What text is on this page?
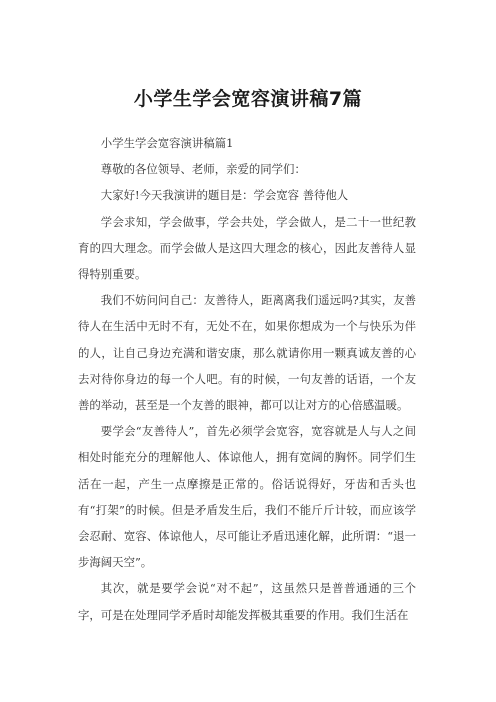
小学生学会宽容演讲稿7篇

小学生学会宽容演讲稿篇1

尊敬的各位领导、老师，亲爱的同学们：

大家好!今天我演讲的题目是：学会宽容 善待他人

学会求知，学会做事，学会共处，学会做人，是二十一世纪教育的四大理念。而学会做人是这四大理念的核心，因此友善待人显得特别重要。

我们不妨问问自己：友善待人，距离离我们遥远吗?其实，友善待人在生活中无时不有，无处不在，如果你想成为一个与快乐为伴的人，让自己身边充满和谐安康，那么就请你用一颗真诚友善的心去对待你身边的每一个人吧。有的时候，一句友善的话语，一个友善的举动，甚至是一个友善的眼神，都可以让对方的心倍感温暖。

要学会“友善待人”，首先必须学会宽容，宽容就是人与人之间相处时能充分的理解他人、体谅他人，拥有宽阔的胸怀。同学们生活在一起，产生一点摩擦是正常的。俗话说得好，牙齿和舌头也有“打架”的时候。但是矛盾发生后，我们不能斤斤计较，而应该学会忍耐、宽容、体谅他人，尽可能让矛盾迅速化解，此所谓：“退一步海阔天空”。

其次，就是要学会说“对不起”，这虽然只是普普通通的三个字，可是在处理同学矛盾时却能发挥极其重要的作用。我们生活在
